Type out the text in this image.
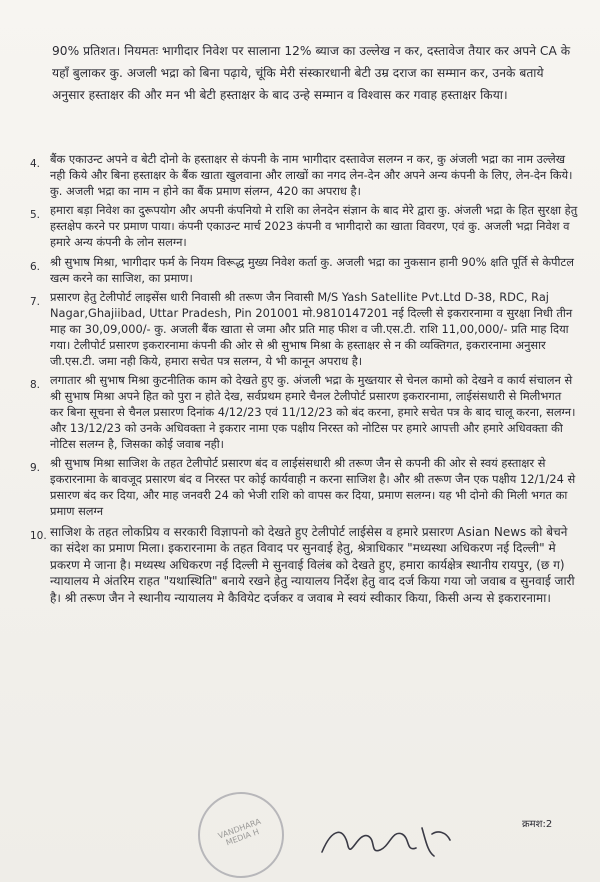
90% प्रतिशत। नियमतः भागीदार निवेश पर सालाना 12% ब्याज का उल्लेख न कर, दस्तावेज तैयार कर अपने CA के यहाँ बुलाकर कु. अजली भद्रा को बिना पढ़ाये, चूंकि मेरी संस्कारधानी बेटी उम्र दराज का सम्मान कर, उनके बताये अनुसार हस्ताक्षर की और मन भी बेटी हस्ताक्षर के बाद उन्हे सम्मान व विश्वास कर गवाह हस्ताक्षर किया।
4. बैंक एकाउन्ट अपने व बेटी दोनो के हस्ताक्षर से कंपनी के नाम भागीदार दस्तावेज सलग्न न कर, कु अंजली भद्रा का नाम उल्लेख नही किये और बिना हस्ताक्षर के बैंक खाता खुलवाना और लाखों का नगद लेन-देन और अपने अन्य कंपनी के लिए, लेन-देन किये। कु. अजली भद्रा का नाम न होने का बैंक प्रमाण संलग्न, 420 का अपराध है।
5. हमारा बड़ा निवेश का दुरूपयोग और अपनी कंपनियो मे राशि का लेनदेन संज्ञान के बाद मेरे द्वारा कु. अंजली भद्रा के हित सुरक्षा हेतु हस्तक्षेप करने पर प्रमाण पाया। कंपनी एकाउन्ट मार्च 2023 कंपनी व भागीदारो का खाता विवरण, एवं कु. अजली भद्रा निवेश व हमारे अन्य कंपनी के लोन सलग्न।
6. श्री सुभाष मिश्रा, भागीदार फर्म के नियम विरूद्ध मुख्य निवेश कर्ता कु. अजली भद्रा का नुकसान हानी 90% क्षति पूर्ति से केपीटल खत्म करने का साजिश, का प्रमाण।
7. प्रसारण हेतु टेलीपोर्ट लाइसेंस धारी निवासी श्री तरूण जैन निवासी M/S Yash Satellite Pvt.Ltd D-38, RDC, Raj Nagar,Ghajiibad, Uttar Pradesh, Pin 201001 मो.9810147201 नई दिल्ली से इकरारनामा व सुरक्षा निधी तीन माह का 30,09,000/- कु. अजली बैंक खाता से जमा और प्रति माह फीश व जी.एस.टी. राशि 11,00,000/- प्रति माह दिया गया। टेलीपोर्ट प्रसारण इकरारनामा कंपनी की ओर से श्री सुभाष मिश्रा के हस्ताक्षर से न की व्यक्तिगत, इकरारनामा अनुसार जी.एस.टी. जमा नही किये, हमारा सचेत पत्र सलग्न, ये भी कानून अपराध है।
8. लगातार श्री सुभाष मिश्रा कुटनीतिक काम को देखते हुए कु. अंजली भद्रा के मुख्तयार से चेनल कामो को देखने व कार्य संचालन से श्री सुभाष मिश्रा अपने हित को पुरा न होते देख, सर्वप्रथम हमारे चैनल टेलीपोर्ट प्रसारण इकरारनामा, लाईसंसधारी से मिलीभगत कर बिना सूचना से चैनल प्रसारण दिनांक 4/12/23 एवं 11/12/23 को बंद करना, हमारे सचेत पत्र के बाद चालू करना, सलग्न। और 13/12/23 को उनके अधिवक्ता ने इकरार नामा एक पक्षीय निरस्त को नोटिस पर हमारे आपत्ती और हमारे अधिवक्ता की नोटिस सलग्न है, जिसका कोई जवाब नही।
9. श्री सुभाष मिश्रा साजिश के तहत टेलीपोर्ट प्रसारण बंद व लाईसंसधारी श्री तरूण जैन से कपनी की ओर से स्वयं हस्ताक्षर से इकरारनामा के बावजूद प्रसारण बंद व निरस्त पर कोई कार्यवाही न करना साजिश है। और श्री तरूण जैन एक पक्षीय 12/1/24 से प्रसारण बंद कर दिया, और माह जनवरी 24 को भेजी राशि को वापस कर दिया, प्रमाण सलग्न। यह भी दोनो की मिली भगत का प्रमाण सलग्न
10. साजिश के तहत लोकप्रिय व सरकारी विज्ञापनो को देखते हुए टेलीपोर्ट लाईसेस व हमारे प्रसारण Asian News को बेचने का संदेश का प्रमाण मिला। इकरारनामा के तहत विवाद पर सुनवाई हेतु, श्रेत्राधिकार "मध्यस्था अधिकरण नई दिल्ली" मे प्रकरण मे जाना है। मध्यस्थ अधिकरण नई दिल्ली मे सुनवाई विलंब को देखते हुए, हमारा कार्यक्षेत्र स्थानीय रायपुर, (छ ग) न्यायालय मे अंतरिम राहत "यथास्थिति" बनाये रखने हेतु न्यायालय निर्देश हेतु वाद दर्ज किया गया जो जवाब व सुनवाई जारी है। श्री तरूण जैन ने स्थानीय न्यायालय मे कैवियेट दर्जकर व जवाब मे स्वयं स्वीकार किया, किसी अन्य से इकरारनामा।
VANDHARA MEDIA H
क्रमश:2
